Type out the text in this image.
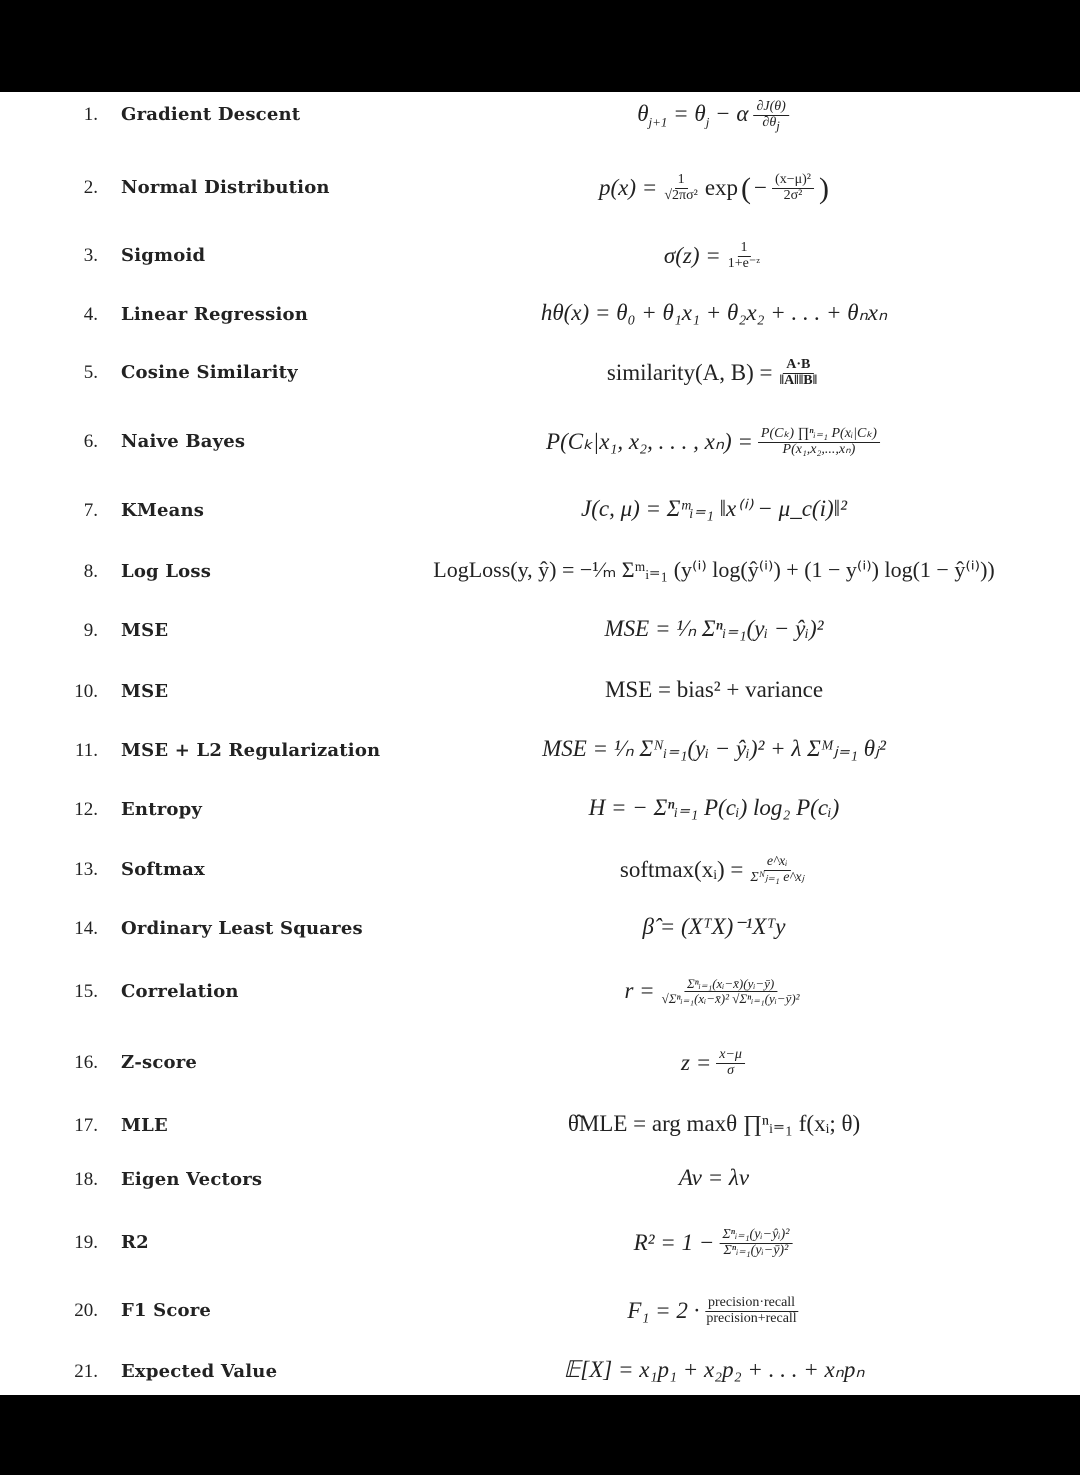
1. Gradient Descent	$\theta_{j+1} = \theta_j - \alpha \frac{\partial J(\theta)}{\partial\theta j}$
2. Normal Distribution	$p(x) = \frac{1}{\text{√2πσ²}}$ exp ( − $\frac{\text{(x−μ)²}}{\text{2σ²}}$ )
3. Sigmoid	$\sigma(z) = \frac{1}{\text{1+e⁻ᶻ}}$
4. Linear Regression	hθ(x) = θ₀ + θ₁x₁ + θ₂x₂ + . . . + θₙxₙ
5. Cosine Similarity	similarity(A, $B) = \frac{A\cdot B}{‖A‖‖B‖}$
6. Naive Bayes	P(Cₖ|x₁, x₂, . . . , $x_n) = \frac{\text{P(Cₖ) ∏ⁿᵢ₌₁ P(xᵢ|Cₖ)}}{\text{P(x₁,x₂,...,xₙ)}}$
7. KMeans	J(c, μ) = Σᵐᵢ₌₁ ‖x⁽ⁱ⁾ − μ_c(i)‖²
8. Log Loss	LogLoss(y, ŷ) = −¹⁄ₘ Σᵐᵢ₌₁ (y⁽ⁱ⁾ log(ŷ⁽ⁱ⁾) + (1 − y⁽ⁱ⁾) log(1 − ŷ⁽ⁱ⁾))
9. MSE	MSE = ¹⁄ₙ Σⁿᵢ₌₁(yᵢ − ŷᵢ)²
10. MSE	MSE = bias² + variance
11. MSE + L2 Regularization	MSE = ¹⁄ₙ Σᴺᵢ₌₁(yᵢ − ŷᵢ)² + λ Σᴹⱼ₌₁ θⱼ²
12. Entropy	H = − Σⁿᵢ₌₁ P(cᵢ) log₂ P(cᵢ)
13. Softmax	softmax(xᵢ) = $\frac{\text{e\textasciicircum{}xᵢ}}{\text{Σᴺⱼ₌₁ e\textasciicircum{}xⱼ}}$
14. Ordinary Least Squares	β̂ = (XᵀX)⁻¹Xᵀy
15. Correlation	$r = \frac{\text{Σⁿᵢ₌₁(xᵢ−x̄)(yᵢ−ȳ)}}{\text{√Σⁿᵢ₌₁(xᵢ−x̄)² √Σⁿᵢ₌₁(yᵢ−ȳ)²}}$
16. Z-score	$z = \frac{x-\mu}{\sigma}$
17. MLE	θ̂MLE = arg maxθ ∏ⁿᵢ₌₁ f(xᵢ; θ)
18. Eigen Vectors	Av = λv
19. R2	$R^2 = 1 - \frac{\text{Σⁿᵢ₌₁(yᵢ−ŷᵢ)²}}{\text{Σⁿᵢ₌₁(yᵢ−ȳ)²}}$
20. F1 Score	$F_1 = 2 \cdot \frac{\text{precision·recall}}{\text{precision+recall}}$
21. Expected Value	𝔼[X] = x₁p₁ + x₂p₂ + . . . + xₙpₙ
